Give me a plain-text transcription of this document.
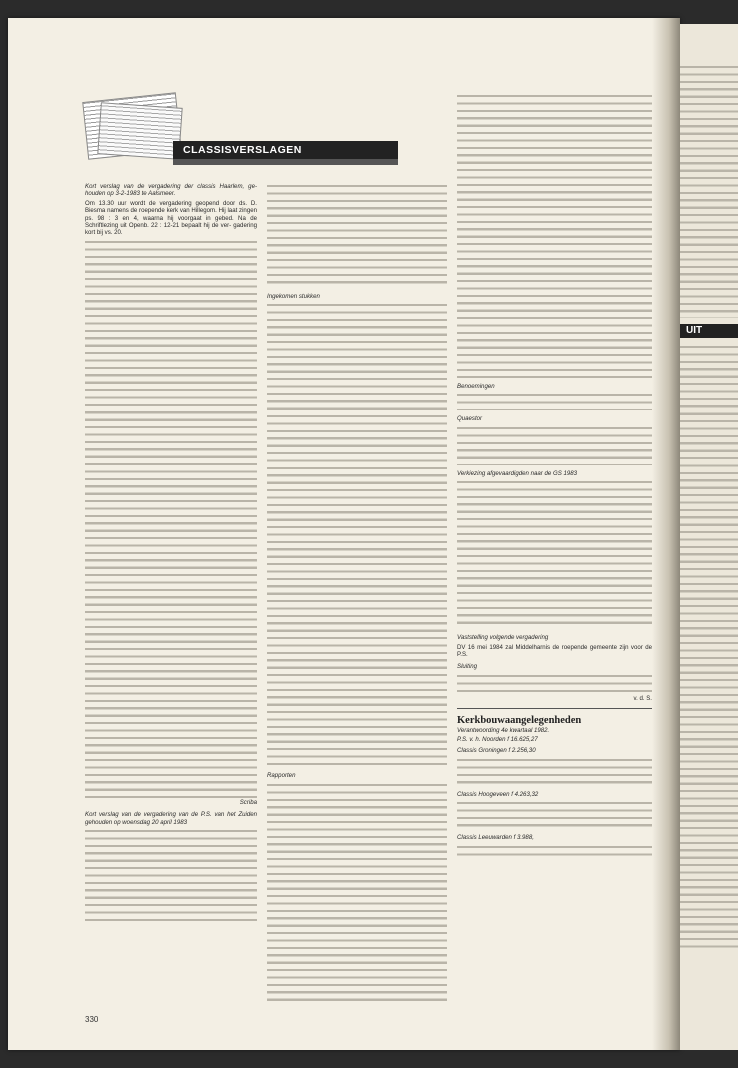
UIT
CLASSISVERSLAGEN

Kort verslag van de vergadering der classis Haarlem, ge- houden op 3-2-1983 te Aalsmeer.

Om 13.30 uur wordt de vergadering geopend door ds. D. Biesma namens de roepende kerk van Hillegom. Hij laat zingen ps. 98 : 3 en 4, waarna hij voorgaat in gebed. Na de Schriftlezing uit Openb. 22 : 12-21 bepaalt hij de ver- gadering kort bij vs. 20.

Scriba

Kort verslag van de vergadering van de P.S. van het Zuiden gehouden op woensdag 20 april 1983

Ingekomen stukken

Rapporten

Benoemingen

Quaestor

Verkiezing afgevaardigden naar de GS 1983

Vaststelling volgende vergadering

DV 16 mei 1984 zal Middelharnis de roepende gemeente zijn voor de P.S.

Sluiting

v. d. S.

Kerkbouwaangelegenheden

Verantwoording 4e kwartaal 1982.

P.S. v. h. Noorden f 16.625,27

Classis Groningen f 2.256,30

Classis Hoogeveen f 4.263,32

Classis Leeuwarden f 3.988,

330
